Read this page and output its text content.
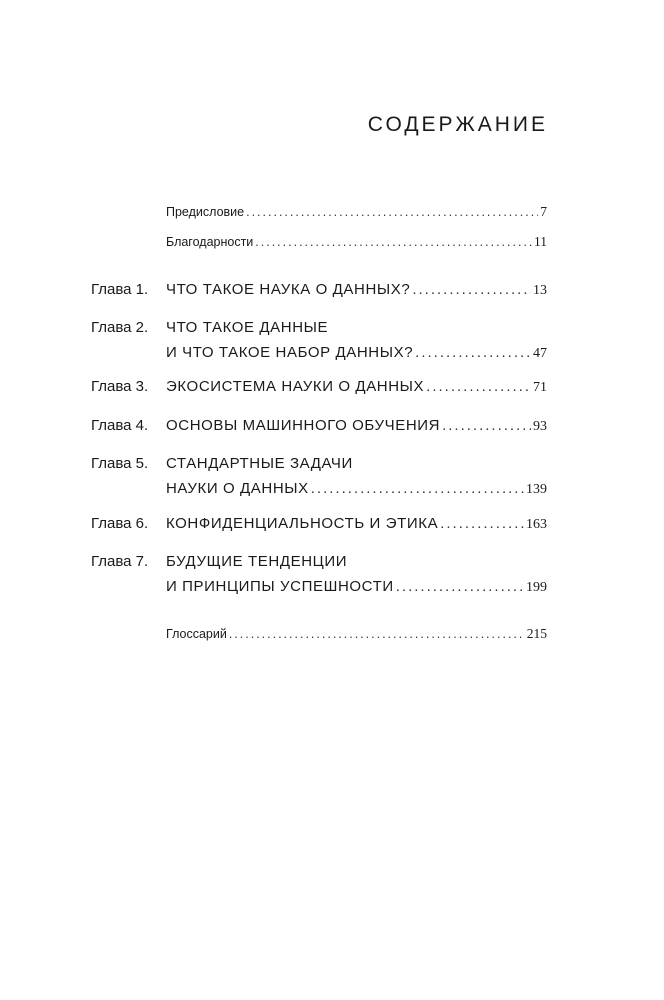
СОДЕРЖАНИЕ
Предисловие .....	7
Благодарности .....	11
Глава 1. ЧТО ТАКОЕ НАУКА О ДАННЫХ? .....	13
Глава 2. ЧТО ТАКОЕ ДАННЫЕ
И ЧТО ТАКОЕ НАБОР ДАННЫХ? .....	47
Глава 3. ЭКОСИСТЕМА НАУКИ О ДАННЫХ .....	71
Глава 4. ОСНОВЫ МАШИННОГО ОБУЧЕНИЯ .....	93
Глава 5. СТАНДАРТНЫЕ ЗАДАЧИ
НАУКИ О ДАННЫХ .....	139
Глава 6. КОНФИДЕНЦИАЛЬНОСТЬ И ЭТИКА .....	163
Глава 7. БУДУЩИЕ ТЕНДЕНЦИИ
И ПРИНЦИПЫ УСПЕШНОСТИ .....	199
Глоссарий .....	215
